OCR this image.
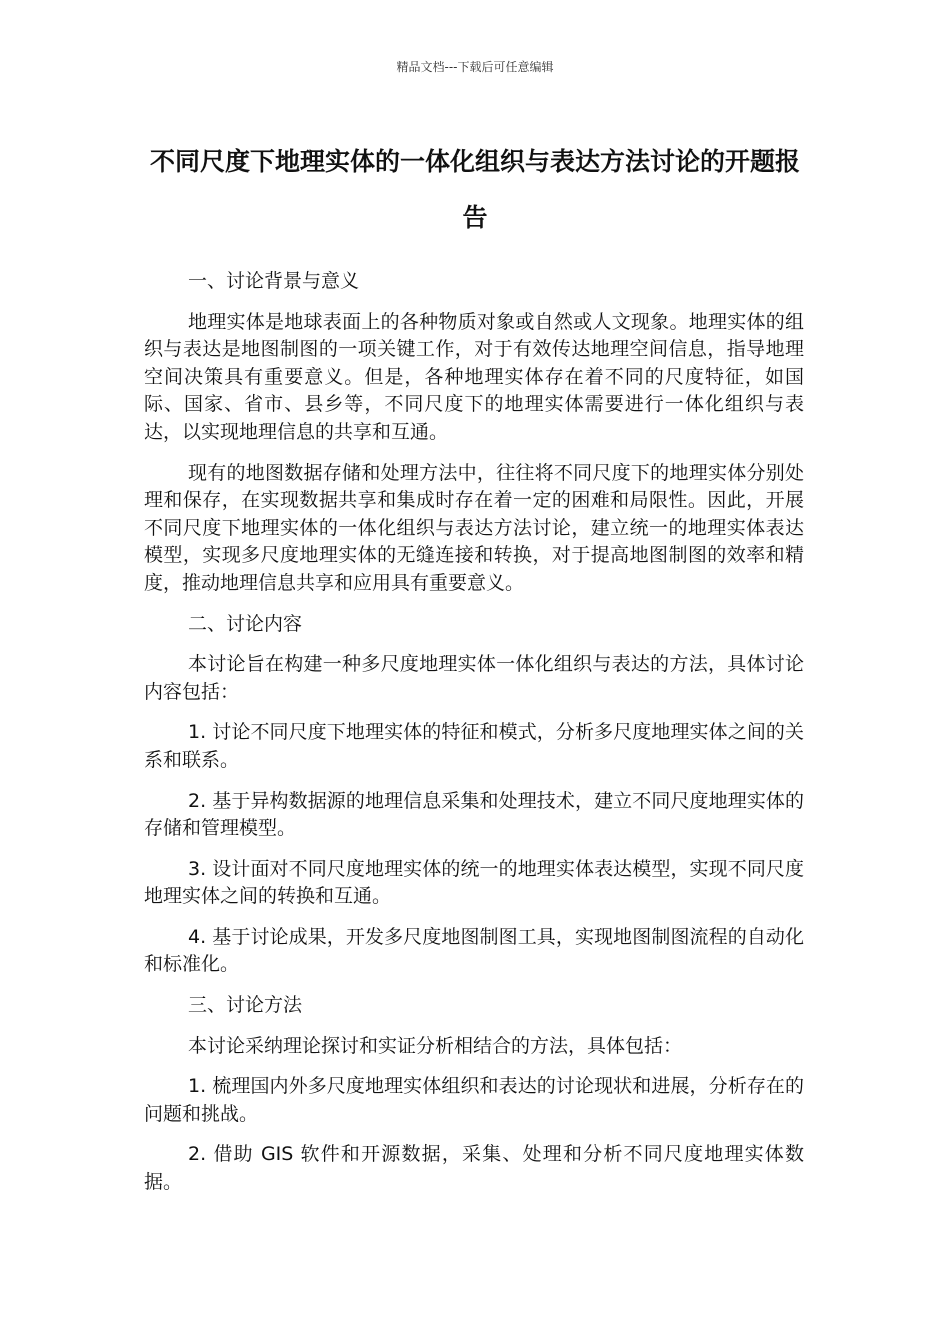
精品文档---下载后可任意编辑
不同尺度下地理实体的一体化组织与表达方法讨论的开题报告
一、讨论背景与意义
地理实体是地球表面上的各种物质对象或自然或人文现象。地理实体的组织与表达是地图制图的一项关键工作，对于有效传达地理空间信息，指导地理空间决策具有重要意义。但是，各种地理实体存在着不同的尺度特征，如国际、国家、省市、县乡等，不同尺度下的地理实体需要进行一体化组织与表达，以实现地理信息的共享和互通。
现有的地图数据存储和处理方法中，往往将不同尺度下的地理实体分别处理和保存，在实现数据共享和集成时存在着一定的困难和局限性。因此，开展不同尺度下地理实体的一体化组织与表达方法讨论，建立统一的地理实体表达模型，实现多尺度地理实体的无缝连接和转换，对于提高地图制图的效率和精度，推动地理信息共享和应用具有重要意义。
二、讨论内容
本讨论旨在构建一种多尺度地理实体一体化组织与表达的方法，具体讨论内容包括：
1. 讨论不同尺度下地理实体的特征和模式，分析多尺度地理实体之间的关系和联系。
2. 基于异构数据源的地理信息采集和处理技术，建立不同尺度地理实体的存储和管理模型。
3. 设计面对不同尺度地理实体的统一的地理实体表达模型，实现不同尺度地理实体之间的转换和互通。
4. 基于讨论成果，开发多尺度地图制图工具，实现地图制图流程的自动化和标准化。
三、讨论方法
本讨论采纳理论探讨和实证分析相结合的方法，具体包括：
1. 梳理国内外多尺度地理实体组织和表达的讨论现状和进展，分析存在的问题和挑战。
2. 借助 GIS 软件和开源数据，采集、处理和分析不同尺度地理实体数据。
